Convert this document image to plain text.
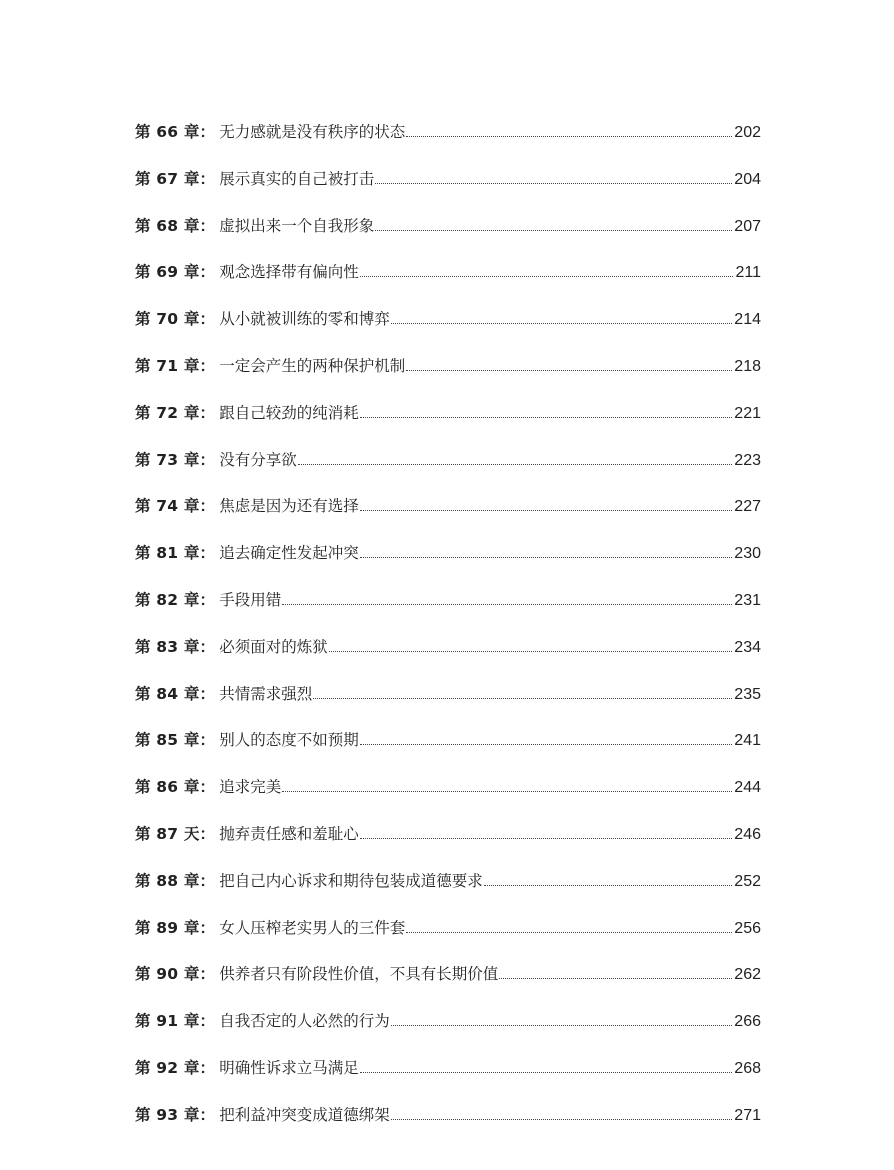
第 66 章： 无力感就是没有秩序的状态	202
第 67 章： 展示真实的自己被打击	204
第 68 章： 虚拟出来一个自我形象	207
第 69 章： 观念选择带有偏向性	211
第 70 章： 从小就被训练的零和博弈	214
第 71 章： 一定会产生的两种保护机制	218
第 72 章： 跟自己较劲的纯消耗	221
第 73 章： 没有分享欲	223
第 74 章： 焦虑是因为还有选择	227
第 81 章： 追去确定性发起冲突	230
第 82 章： 手段用错	231
第 83 章： 必须面对的炼狱	234
第 84 章： 共情需求强烈	235
第 85 章： 别人的态度不如预期	241
第 86 章： 追求完美	244
第 87 天： 抛弃责任感和羞耻心	246
第 88 章： 把自己内心诉求和期待包装成道德要求	252
第 89 章： 女人压榨老实男人的三件套	256
第 90 章： 供养者只有阶段性价值，不具有长期价值	262
第 91 章： 自我否定的人必然的行为	266
第 92 章： 明确性诉求立马满足	268
第 93 章： 把利益冲突变成道德绑架	271
